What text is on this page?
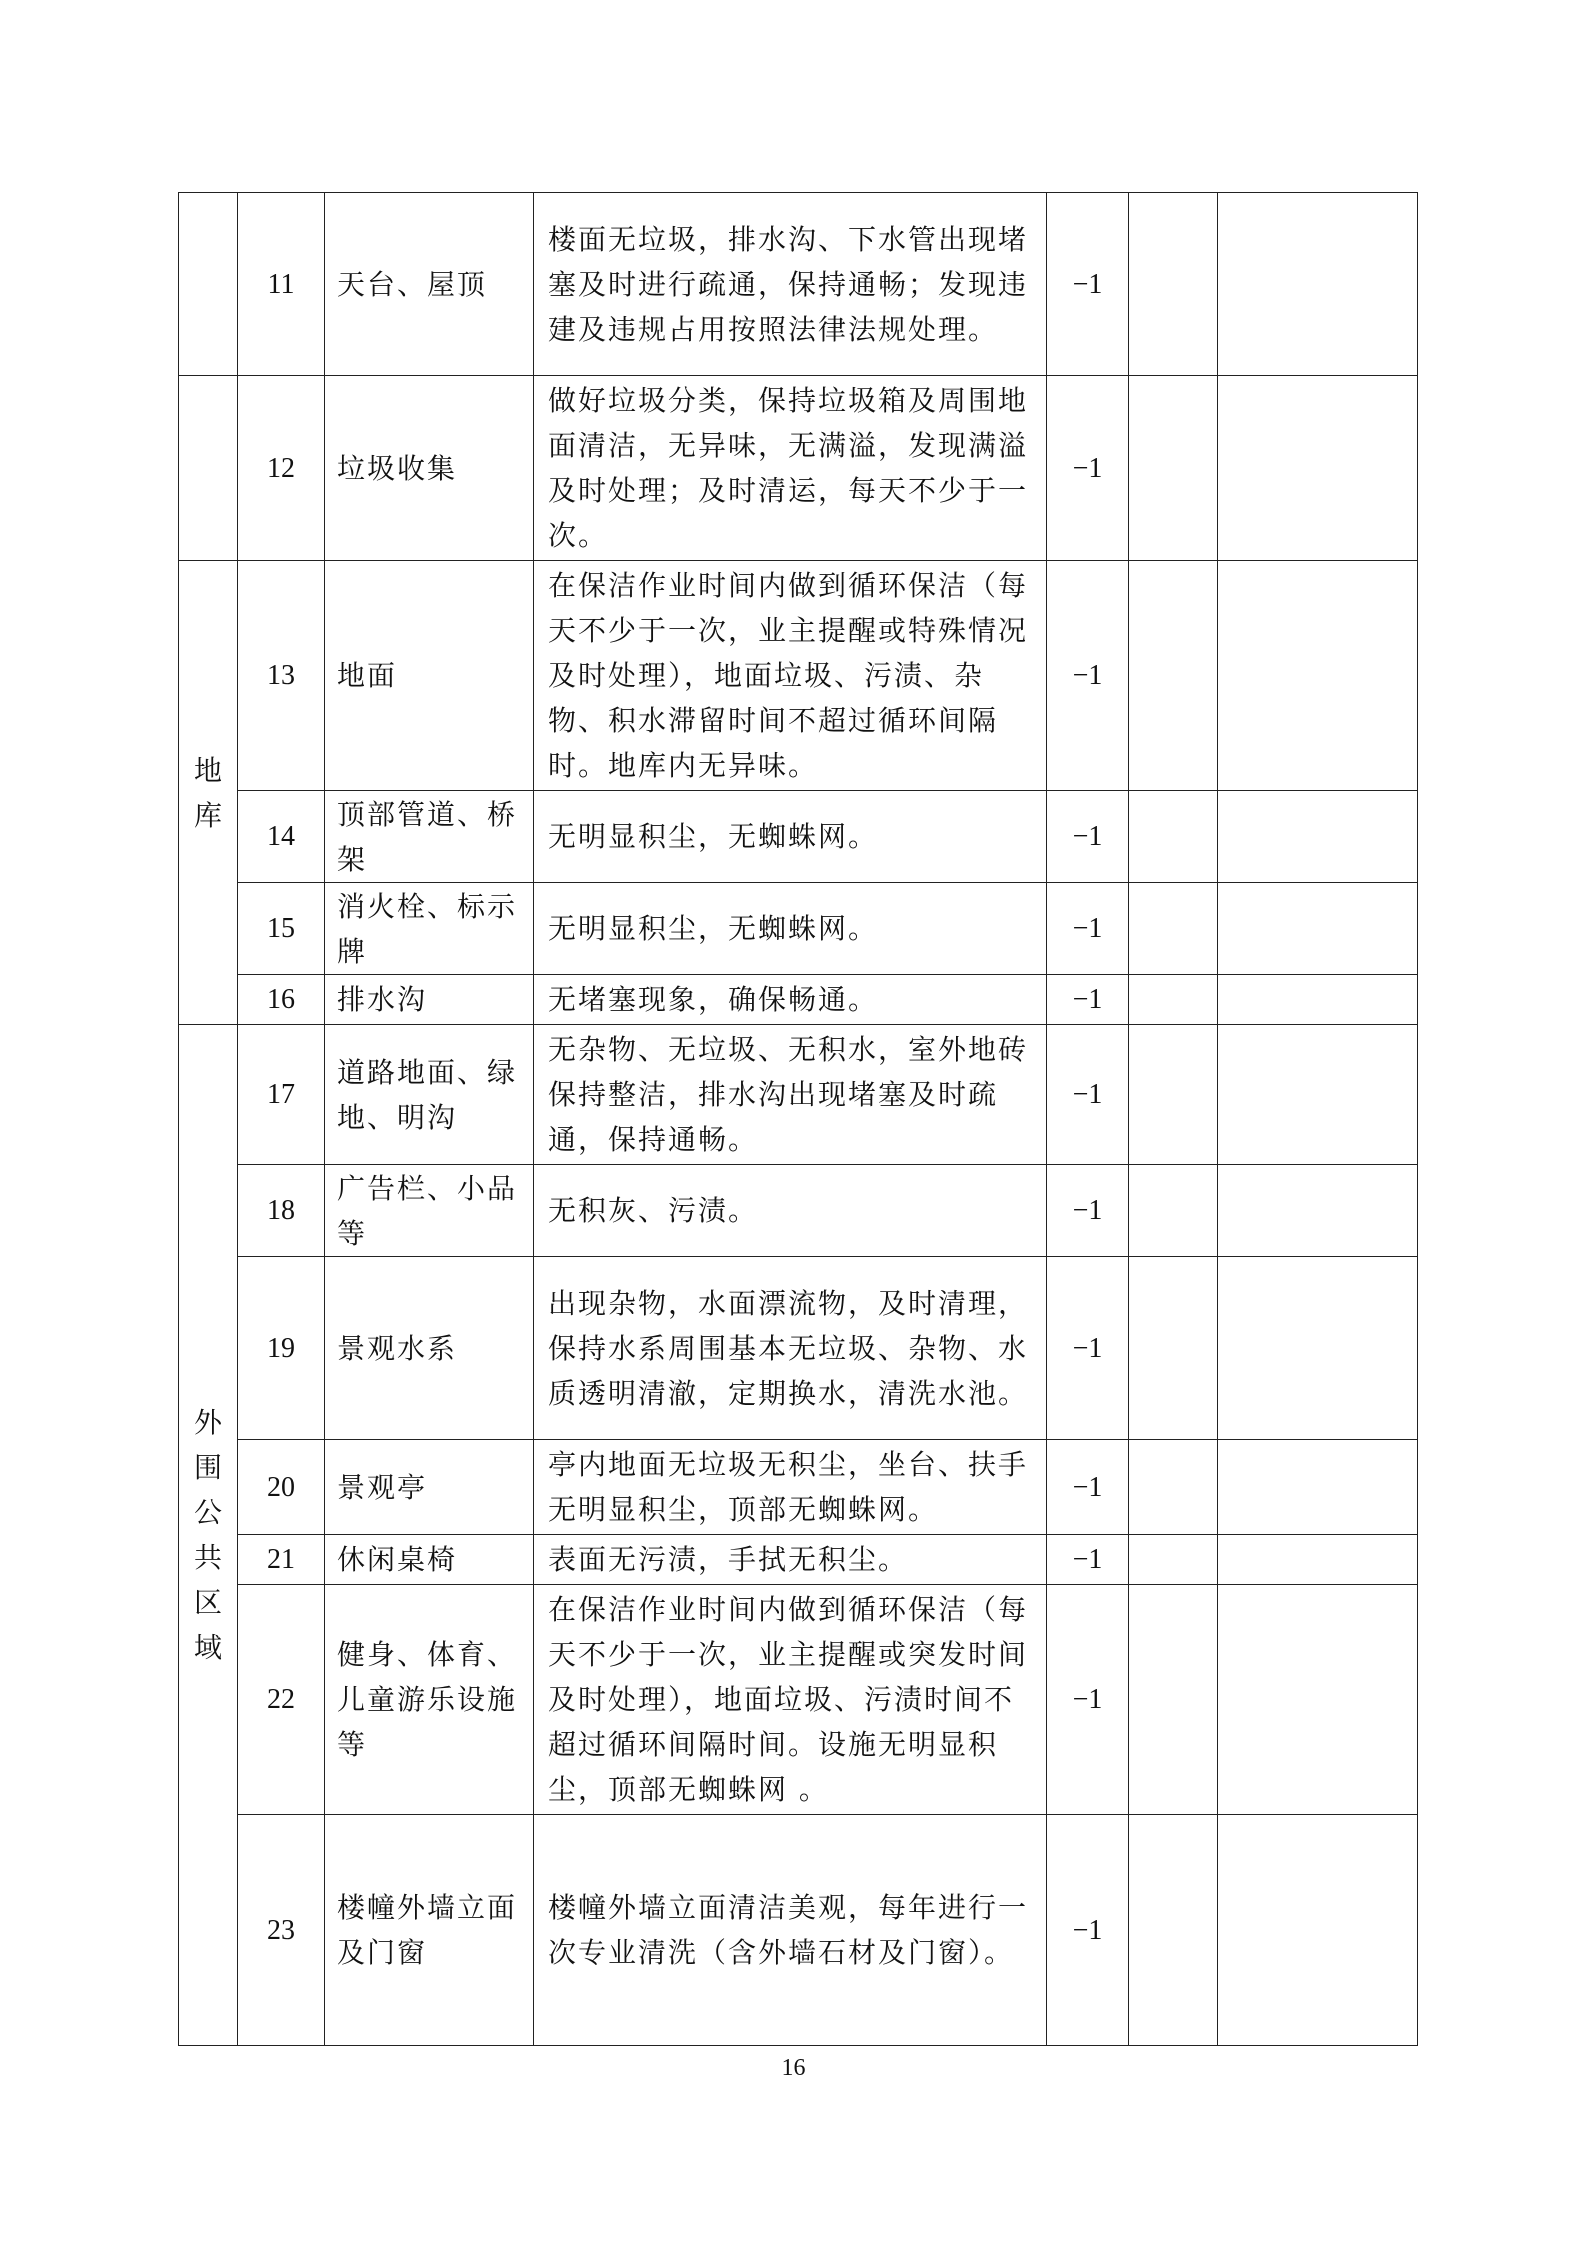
	11	天台、屋顶	楼面无垃圾，排水沟、下水管出现堵塞及时进行疏通，保持通畅；发现违建及违规占用按照法律法规处理。	−1		
	12	垃圾收集	做好垃圾分类，保持垃圾箱及周围地面清洁，无异味，无满溢，发现满溢及时处理；及时清运，每天不少于一次。	−1		
地库	13	地面	在保洁作业时间内做到循环保洁（每天不少于一次，业主提醒或特殊情况及时处理），地面垃圾、污渍、杂物、积水滞留时间不超过循环间隔时。地库内无异味。	−1		
	14	顶部管道、桥架	无明显积尘，无蜘蛛网。	−1		
	15	消火栓、标示牌	无明显积尘，无蜘蛛网。	−1		
	16	排水沟	无堵塞现象，确保畅通。	−1		
外围公共区域	17	道路地面、绿地、明沟	无杂物、无垃圾、无积水，室外地砖保持整洁，排水沟出现堵塞及时疏通，保持通畅。	−1		
	18	广告栏、小品等	无积灰、污渍。	−1		
	19	景观水系	出现杂物，水面漂流物，及时清理，保持水系周围基本无垃圾、杂物、水质透明清澈，定期换水，清洗水池。	−1		
	20	景观亭	亭内地面无垃圾无积尘，坐台、扶手无明显积尘，顶部无蜘蛛网。	−1		
	21	休闲桌椅	表面无污渍，手拭无积尘。	−1		
	22	健身、体育、儿童游乐设施等	在保洁作业时间内做到循环保洁（每天不少于一次，业主提醒或突发时间及时处理），地面垃圾、污渍时间不超过循环间隔时间。设施无明显积尘，顶部无蜘蛛网 。	−1		
	23	楼幢外墙立面及门窗	楼幢外墙立面清洁美观，每年进行一次专业清洗（含外墙石材及门窗）。	−1		
16
